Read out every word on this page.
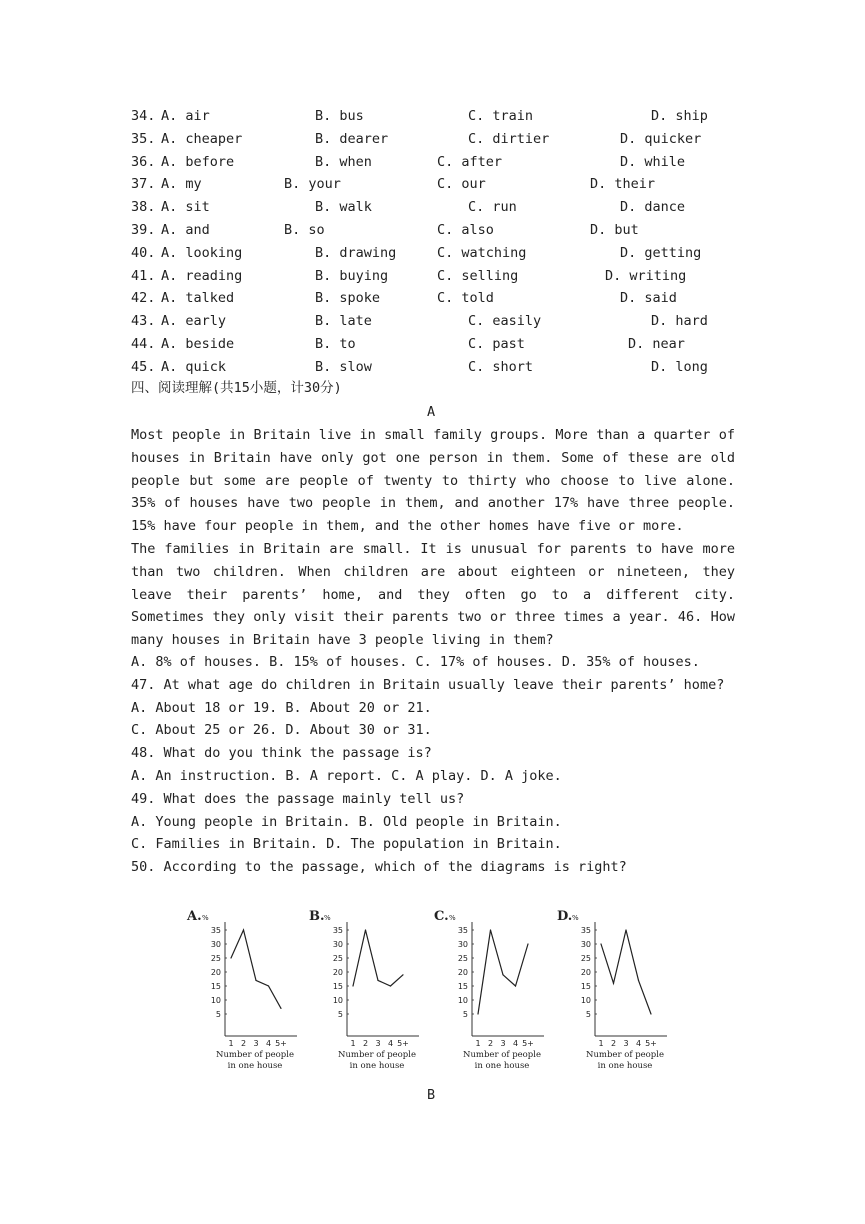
34. A. air	B. bus	C. train	D. ship
35. A. cheaper	B. dearer	C. dirtier	D. quicker
36. A. before	B. when	C. after	D. while
37. A. my	B. your	C. our	D. their
38. A. sit	B. walk	C. run	D. dance
39. A. and	B. so	C. also	D. but
40. A. looking	B. drawing	C. watching	D. getting
41. A. reading	B. buying	C. selling	D. writing
42. A. talked	B. spoke	C. told	D. said
43. A. early	B. late	C. easily	D. hard
44. A. beside	B. to	C. past	D. near
45. A. quick	B. slow	C. short	D. long
四、阅读理解(共15小题，计30分)
A
Most people in Britain live in small family groups. More than a quarter of houses in Britain have only got one person in them. Some of these are old people but some are people of twenty to thirty who choose to live alone. 35% of houses have two people in them, and another 17% have three people. 15% have four people in them, and the other homes have five or more.
The families in Britain are small. It is unusual for parents to have more than two children. When children are about eighteen or nineteen, they leave their parents’ home, and they often go to a different city. Sometimes they only visit their parents two or three times a year. 46. How many houses in Britain have 3 people living in them?
A. 8% of houses. B. 15% of houses. C. 17% of houses. D. 35% of houses.
47. At what age do children in Britain usually leave their parents’ home?
A. About 18 or 19. B. About 20 or 21.
C. About 25 or 26. D. About 30 or 31.
48. What do you think the passage is?
A. An instruction. B. A report. C. A play. D. A joke.
49. What does the passage mainly tell us?
A. Young people in Britain. B. Old people in Britain.
C. Families in Britain. D. The population in Britain.
50. According to the passage, which of the diagrams is right?
A. %
35
30
25
20
15
10
5
1 2 3 4 5+
Number of people
in one house
B. %
35
30
25
20
15
10
5
1 2 3 4 5+
Number of people
in one house
C. %
35
30
25
20
15
10
5
1 2 3 4 5+
Number of people
in one house
D. %
35
30
25
20
15
10
5
1 2 3 4 5+
Number of people
in one house
B
